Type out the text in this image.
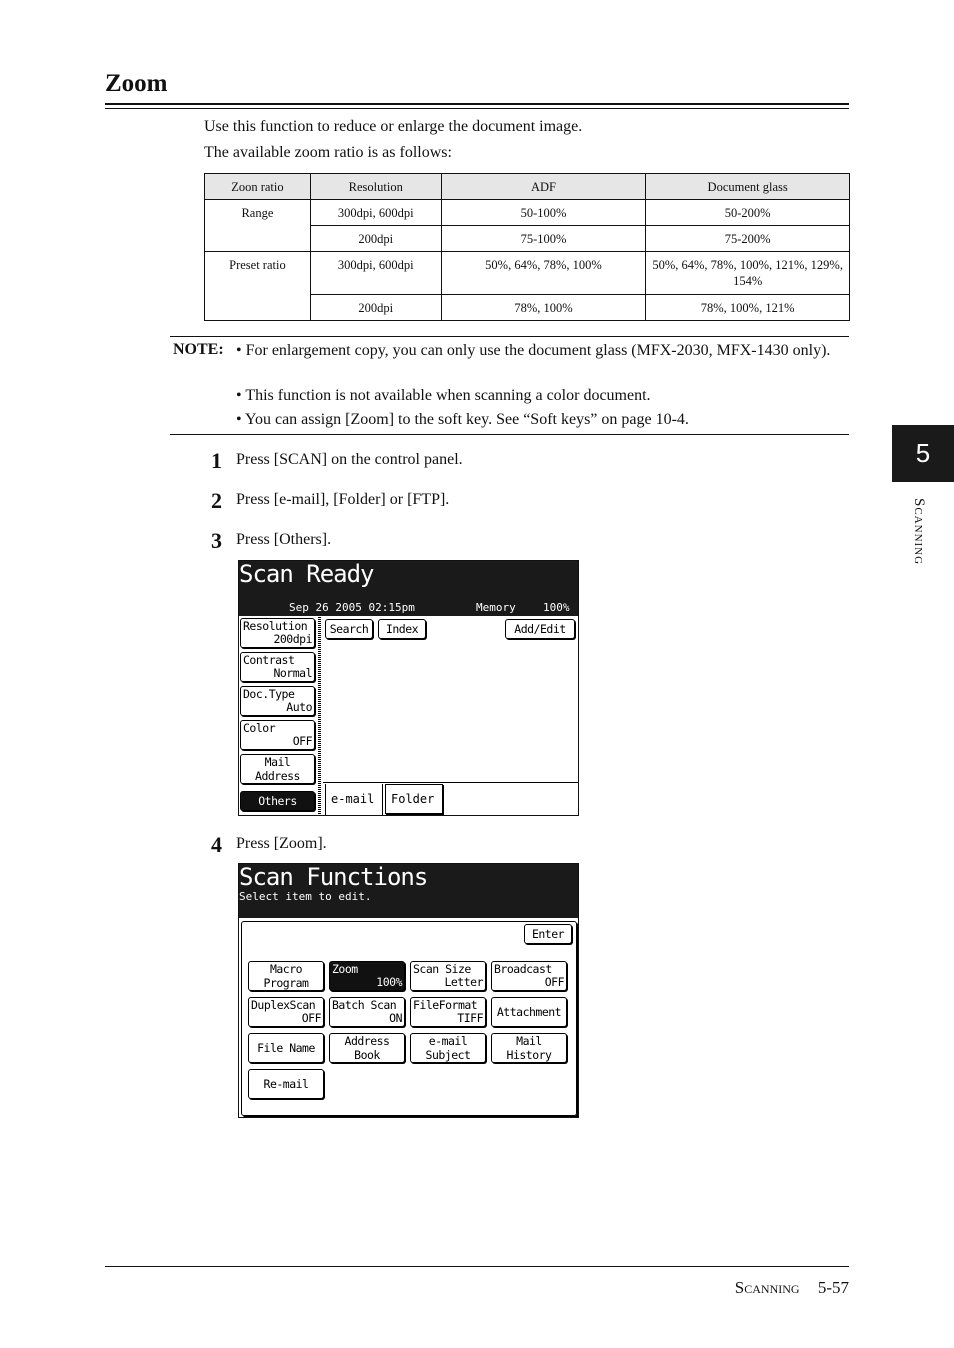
Zoom
Use this function to reduce or enlarge the document image.
The available zoom ratio is as follows:
Zoon ratio	Resolution	ADF	Document glass
Range	300dpi, 600dpi	50-100%	50-200%
	200dpi	75-100%	75-200%
Preset ratio	300dpi, 600dpi	50%, 64%, 78%, 100%	50%, 64%, 78%, 100%, 121%, 129%, 154%
	200dpi	78%, 100%	78%, 100%, 121%
NOTE: • For enlargement copy, you can only use the document glass (MFX-2030, MFX-1430 only).
• This function is not available when scanning a color document.
• You can assign [Zoom] to the soft key. See “Soft keys” on page 10-4.
1 Press [SCAN] on the control panel.
2 Press [e-mail], [Folder] or [FTP].
3 Press [Others].
Scan Ready
Sep 26 2005 02:15pm	Memory 100%
Resolution
200dpi
Contrast
Normal
Doc.Type
Auto
Color
OFF
Mail
Address
Others
Search	Index	Add/Edit
e-mail Folder
4 Press [Zoom].
Scan Functions
Select item to edit.
Enter
Macro
Program
Zoom
100%
Scan Size
Letter
Broadcast
OFF
DuplexScan
OFF
Batch Scan
ON
FileFormat
TIFF	Attachment
File Name	Address
Book
e-mail
Subject
Mail
History
Re-mail
5
Scanning
Scanning 5-57
